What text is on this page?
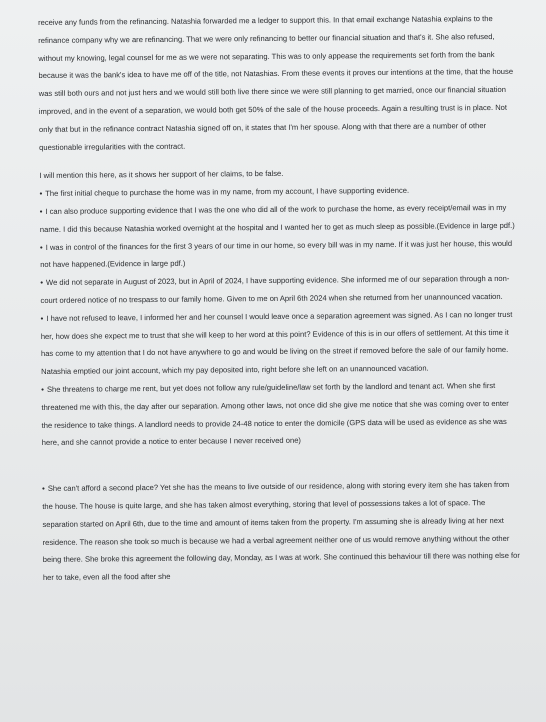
receive any funds from the refinancing. Natashia forwarded me a ledger to support this. In that email exchange Natashia explains to the refinance company why we are refinancing. That we were only refinancing to better our financial situation and that's it. She also refused, without my knowing, legal counsel for me as we were not separating. This was to only appease the requirements set forth from the bank because it was the bank's idea to have me off of the title, not Natashias. From these events it proves our intentions at the time, that the house was still both ours and not just hers and we would still both live there since we were still planning to get married, once our financial situation improved, and in the event of a separation, we would both get 50% of the sale of the house proceeds. Again a resulting trust is in place. Not only that but in the refinance contract Natashia signed off on, it states that I'm her spouse. Along with that there are a number of other questionable irregularities with the contract.

I will mention this here, as it shows her support of her claims, to be false.

• The first initial cheque to purchase the home was in my name, from my account, I have supporting evidence.

• I can also produce supporting evidence that I was the one who did all of the work to purchase the home, as every receipt/email was in my name. I did this because Natashia worked overnight at the hospital and I wanted her to get as much sleep as possible.(Evidence in large pdf.)

• I was in control of the finances for the first 3 years of our time in our home, so every bill was in my name. If it was just her house, this would not have happened.(Evidence in large pdf.)

• We did not separate in August of 2023, but in April of 2024, I have supporting evidence. She informed me of our separation through a non-court ordered notice of no trespass to our family home. Given to me on April 6th 2024 when she returned from her unannounced vacation.

• I have not refused to leave, I informed her and her counsel I would leave once a separation agreement was signed. As I can no longer trust her, how does she expect me to trust that she will keep to her word at this point? Evidence of this is in our offers of settlement. At this time it has come to my attention that I do not have anywhere to go and would be living on the street if removed before the sale of our family home. Natashia emptied our joint account, which my pay deposited into, right before she left on an unannounced vacation.

• She threatens to charge me rent, but yet does not follow any rule/guideline/law set forth by the landlord and tenant act. When she first threatened me with this, the day after our separation. Among other laws, not once did she give me notice that she was coming over to enter the residence to take things. A landlord needs to provide 24-48 notice to enter the domicile (GPS data will be used as evidence as she was here, and she cannot provide a notice to enter because I never received one)

• She can't afford a second place? Yet she has the means to live outside of our residence, along with storing every item she has taken from the house. The house is quite large, and she has taken almost everything, storing that level of possessions takes a lot of space. The separation started on April 6th, due to the time and amount of items taken from the property. I'm assuming she is already living at her next residence. The reason she took so much is because we had a verbal agreement neither one of us would remove anything without the other being there. She broke this agreement the following day, Monday, as I was at work. She continued this behaviour till there was nothing else for her to take, even all the food after she
